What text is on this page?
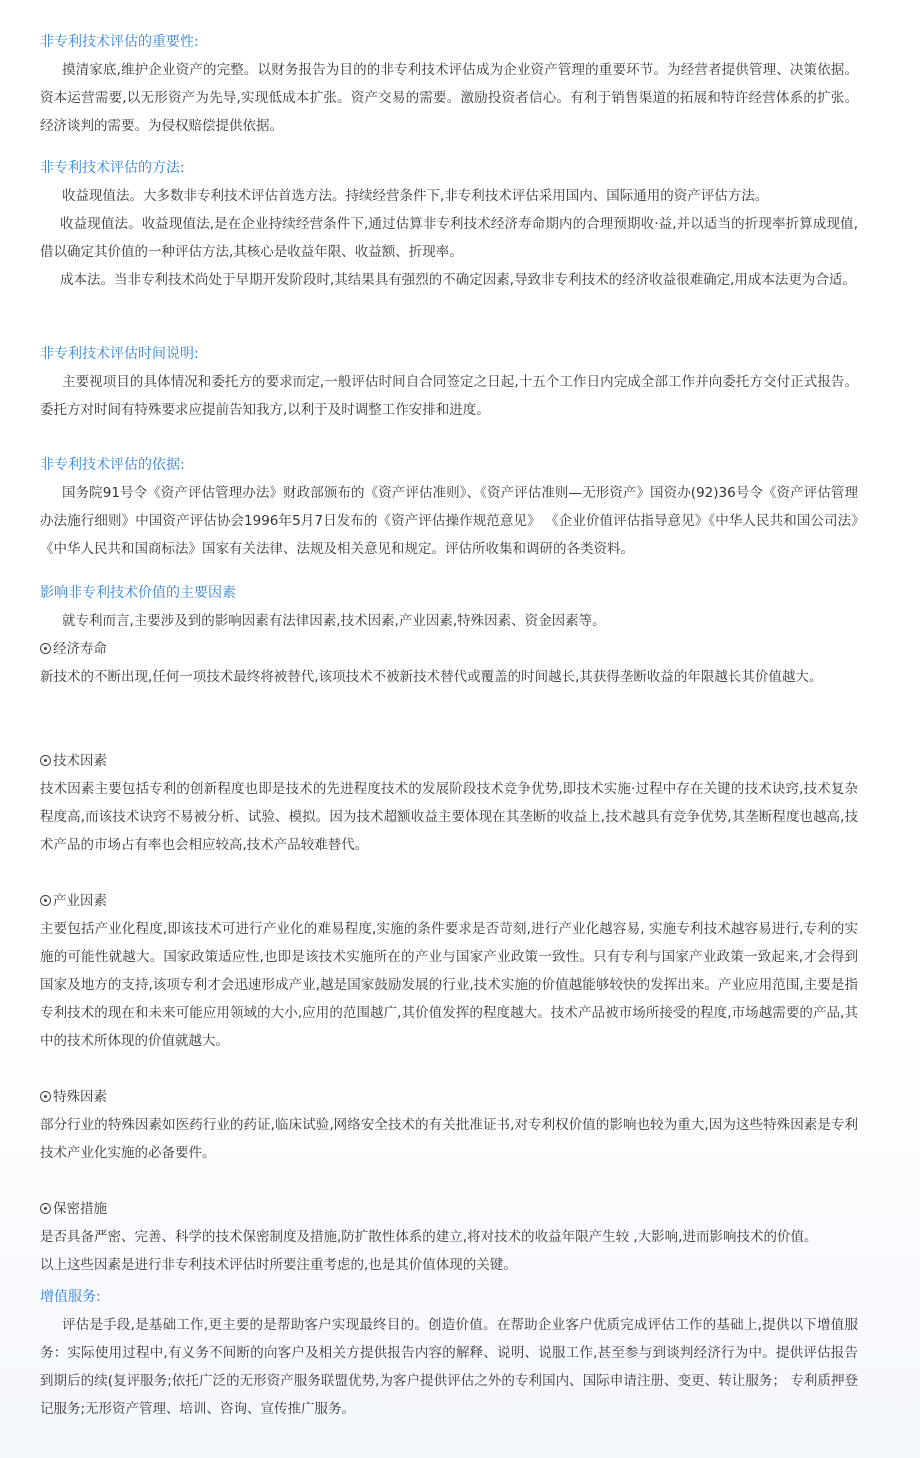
非专利技术评估的重要性:
摸清家底,维护企业资产的完整。以财务报告为目的的非专利技术评估成为企业资产管理的重要环节。为经营者提供管理、决策依据。资本运营需要,以无形资产为先导,实现低成本扩张。资产交易的需要。激励投资者信心。有利于销售渠道的拓展和特许经营体系的扩张。经济谈判的需要。为侵权赔偿提供依据。
非专利技术评估的方法:
收益现值法。大多数非专利技术评估首选方法。持续经营条件下,非专利技术评估采用国内、国际通用的资产评估方法。
收益现值法。收益现值法,是在企业持续经营条件下,通过估算非专利技术经济寿命期内的合理预期收·益,并以适当的折现率折算成现值,借以确定其价值的一种评估方法,其核心是收益年限、收益额、折现率。
成本法。当非专利技术尚处于早期开发阶段时,其结果具有强烈的不确定因素,导致非专利技术的经济收益很难确定,用成本法更为合适。
非专利技术评估时间说明:
主要视项目的具体情况和委托方的要求而定,一般评估时间自合同签定之日起,十五个工作日内完成全部工作并向委托方交付正式报告。委托方对时间有特殊要求应提前告知我方,以利于及时调整工作安排和进度。
非专利技术评估的依据:
国务院91号令《资产评估管理办法》财政部颁布的《资产评估准则》、《资产评估准则—无形资产》国资办(92)36号令《资产评估管理办法施行细则》中国资产评估协会1996年5月7日发布的《资产评估操作规范意见》 《企业价值评估指导意见》《中华人民共和国公司法》《中华人民共和国商标法》国家有关法律、法规及相关意见和规定。评估所收集和调研的各类资料。
影响非专利技术价值的主要因素
就专利而言,主要涉及到的影响因素有法律因素,技术因素,产业因素,特殊因素、资金因素等。
经济寿命
新技术的不断出现,任何一项技术最终将被替代,该项技术不被新技术替代或覆盖的时间越长,其获得垄断收益的年限越长其价值越大。
技术因素
技术因素主要包括专利的创新程度也即是技术的先进程度技术的发展阶段技术竞争优势,即技术实施·过程中存在关键的技术诀窍,技术复杂程度高,而该技术诀窍不易被分析、试验、模拟。因为技术超额收益主要体现在其垄断的收益上,技术越具有竞争优势,其垄断程度也越高,技术产品的市场占有率也会相应较高,技术产品较难替代。
产业因素
主要包括产业化程度,即该技术可进行产业化的难易程度,实施的条件要求是否苛刻,进行产业化越容易, 实施专利技术越容易进行,专利的实施的可能性就越大。国家政策适应性,也即是该技术实施所在的产业与国家产业政策一致性。只有专利与国家产业政策一致起来,才会得到国家及地方的支持,该项专利才会迅速形成产业,越是国家鼓励发展的行业,技术实施的价值越能够较快的发挥出来。产业应用范围,主要是指专利技术的现在和未来可能应用领域的大小,应用的范围越广,其价值发挥的程度越大。技术产品被市场所接受的程度,市场越需要的产品,其中的技术所体现的价值就越大。
特殊因素
部分行业的特殊因素如医药行业的药证,临床试验,网络安全技术的有关批准证书,对专利权价值的影响也较为重大,因为这些特殊因素是专利技术产业化实施的必备要件。
保密措施
是否具备严密、完善、科学的技术保密制度及措施,防扩散性体系的建立,将对技术的收益年限产生较 ,大影响,进而影响技术的价值。
以上这些因素是进行非专利技术评估时所要注重考虑的,也是其价值体现的关键。
增值服务:
评估是手段,是基础工作,更主要的是帮助客户实现最终目的。创造价值。在帮助企业客户优质完成评估工作的基础上,提供以下增值服务：实际使用过程中,有义务不间断的向客户及相关方提供报告内容的解释、说明、说服工作,甚至参与到谈判经济行为中。提供评估报告到期后的续(复评服务;依托广泛的无形资产服务联盟优势,为客户提供评估之外的专利国内、国际申请注册、变更、转让服务； 专利质押登记服务;无形资产管理、培训、咨询、宣传推广服务。
